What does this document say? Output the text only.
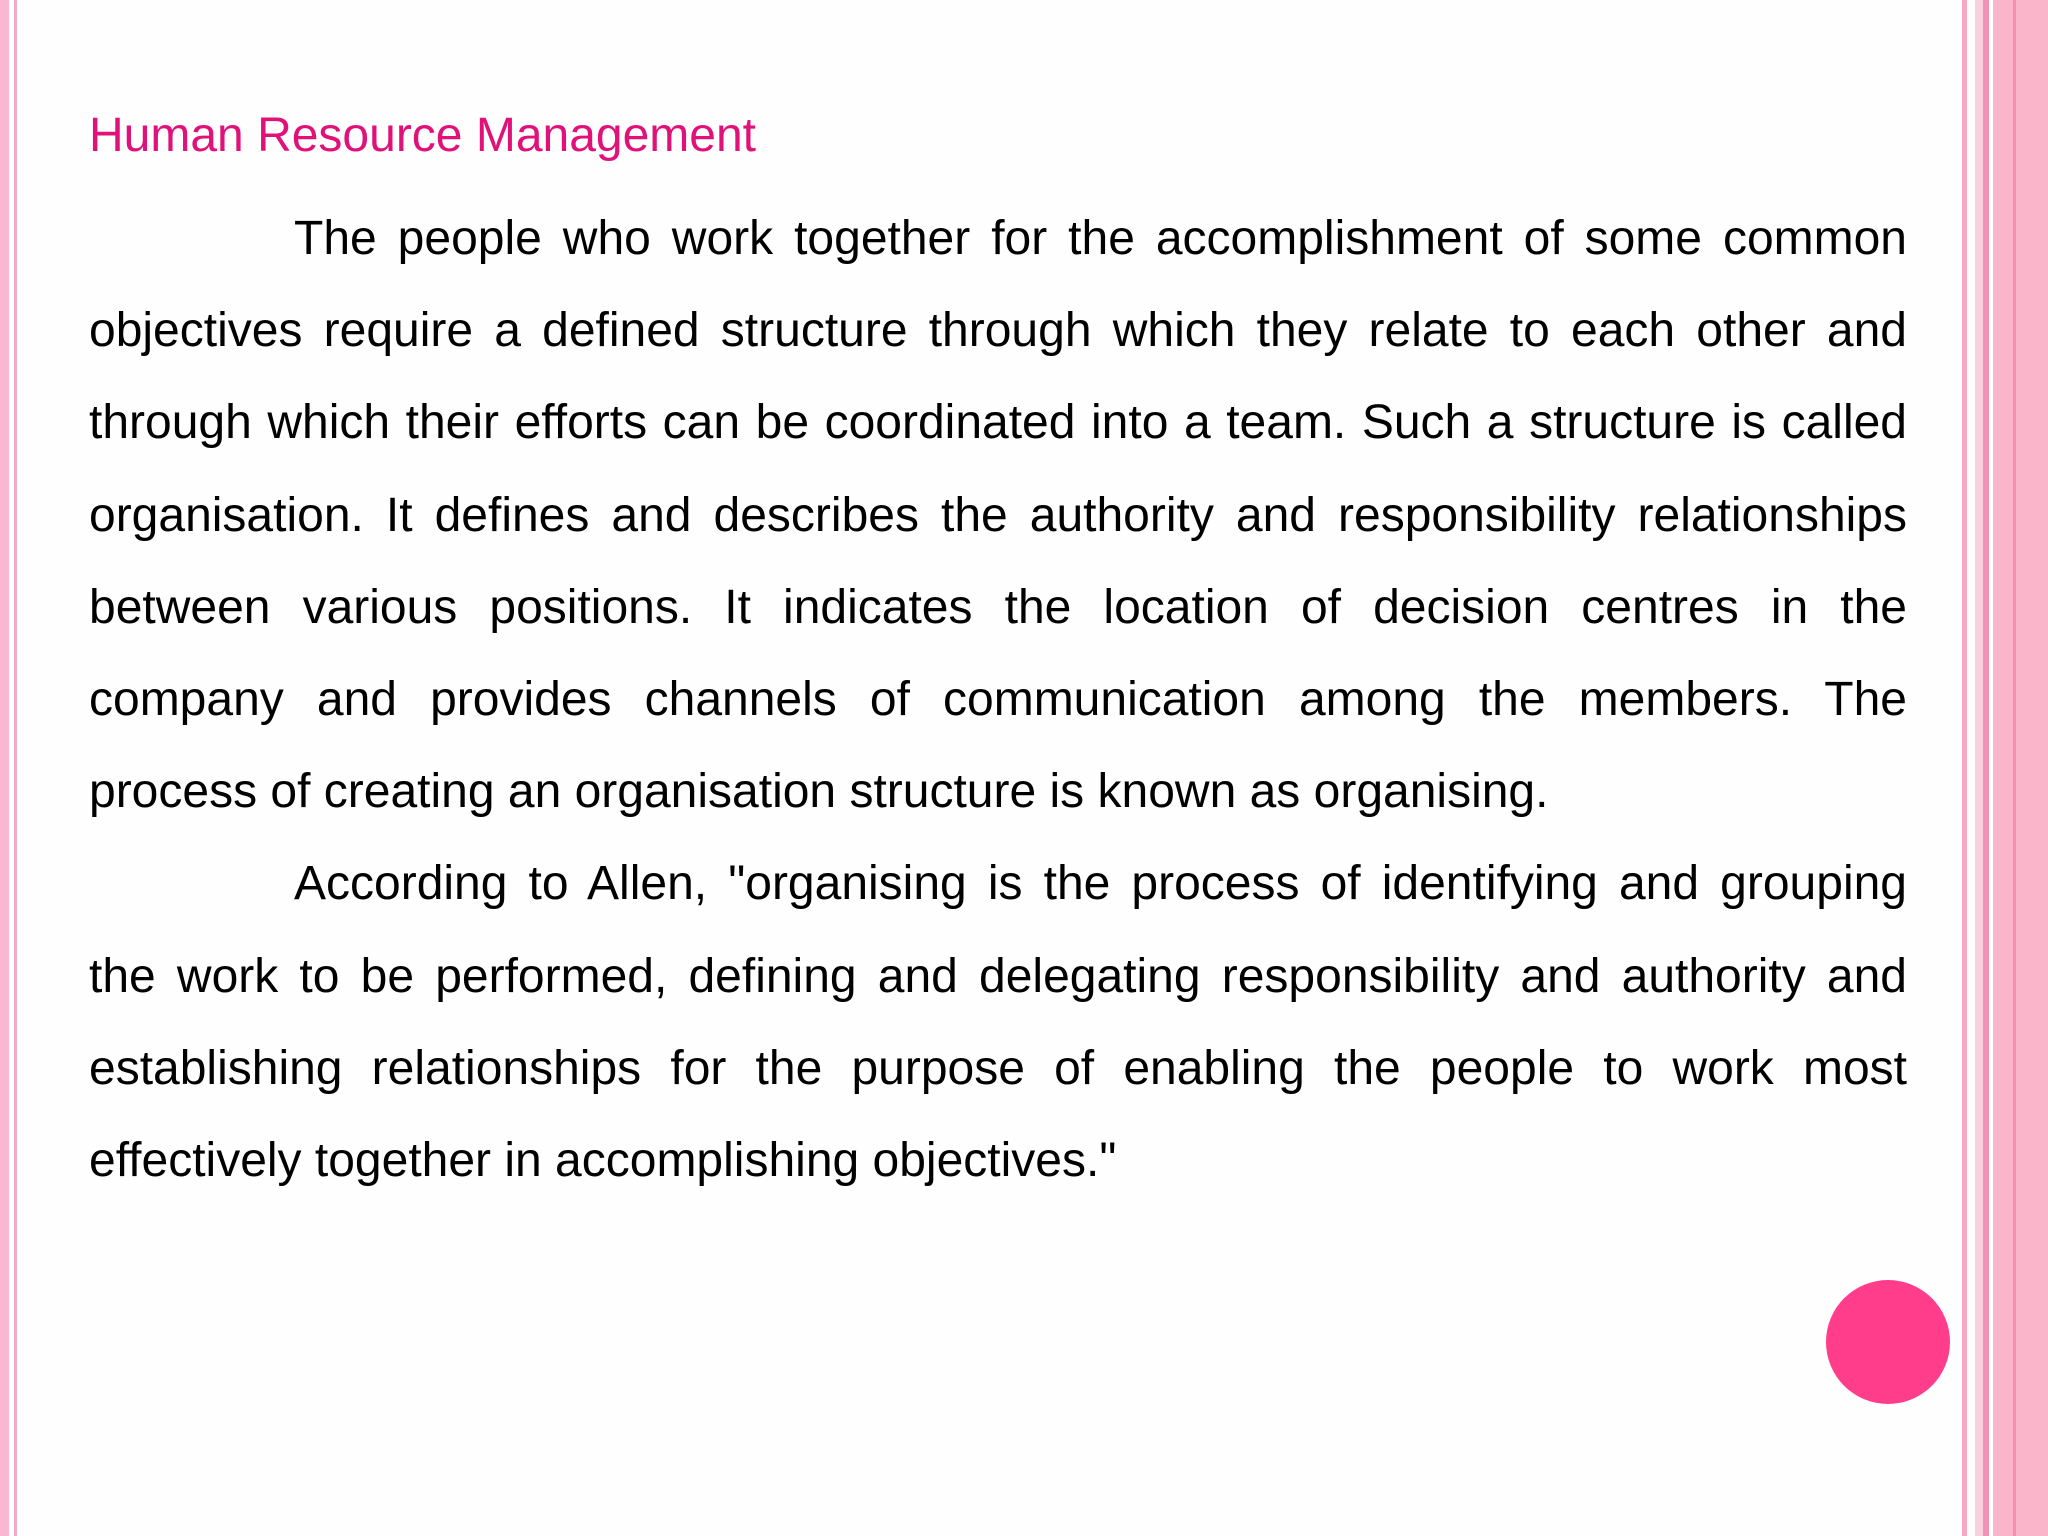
Human Resource Management

The people who work together for the accomplishment of some common objectives require a defined structure through which they relate to each other and through which their efforts can be coordinated into a team. Such a structure is called organisation. It defines and describes the authority and responsibility relationships between various positions. It indicates the location of decision centres in the company and provides channels of communication among the members. The process of creating an organisation structure is known as organising.

According to Allen, "organising is the process of identifying and grouping the work to be performed, defining and delegating responsibility and authority and establishing relationships for the purpose of enabling the people to work most effectively together in accomplishing objectives."
